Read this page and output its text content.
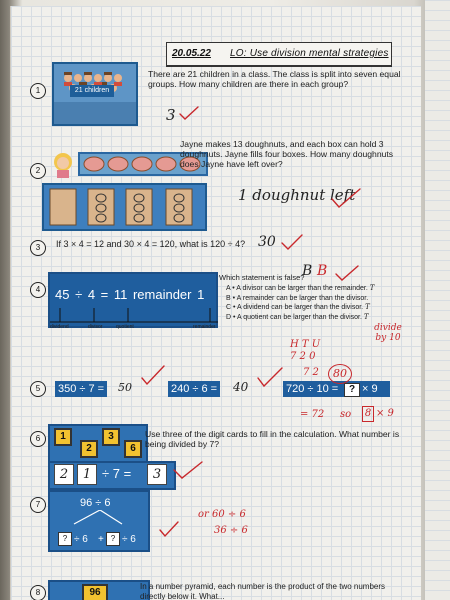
20.05.22 LO: Use division mental strategies
1	21 children
There are 21 children in a class. The class is split into seven equal groups. How many children are there in each group?
3
2
Jayne makes 13 doughnuts, and each box can hold 3 doughnuts. Jayne fills four boxes. How many doughnuts does Jayne have left over?
1 doughnut left
3	If 3 × 4 = 12 and 30 × 4 = 120, what is 120 ÷ 4? 30
4	45 ÷ 4 = 11 remainder 1
dividend	divisor	quotient	remainder
Which statement is false?
B B
A • A divisor can be larger than the remainder. T
B • A remainder can be larger than the divisor.
C • A dividend can be larger than the divisor. T
D • A quotient can be larger than the divisor. T
H T U
7 2 0
7 2
divide by 10
5	350 ÷ 7 = 50	240 ÷ 6 = 40	720 ÷ 10 =	? × 9
80
= 72 so 8 × 9
6	1	3
2	6
Use three of the digit cards to fill in the calculation. What number is being divided by 7?
2	1 ÷ 7 =	3
7	96 ÷ 6
? ÷ 6 + ? ÷ 6
or 60 ÷ 6
36 ÷ 6
8	96
In a number pyramid, each number is the product of the two numbers directly below it. What...
